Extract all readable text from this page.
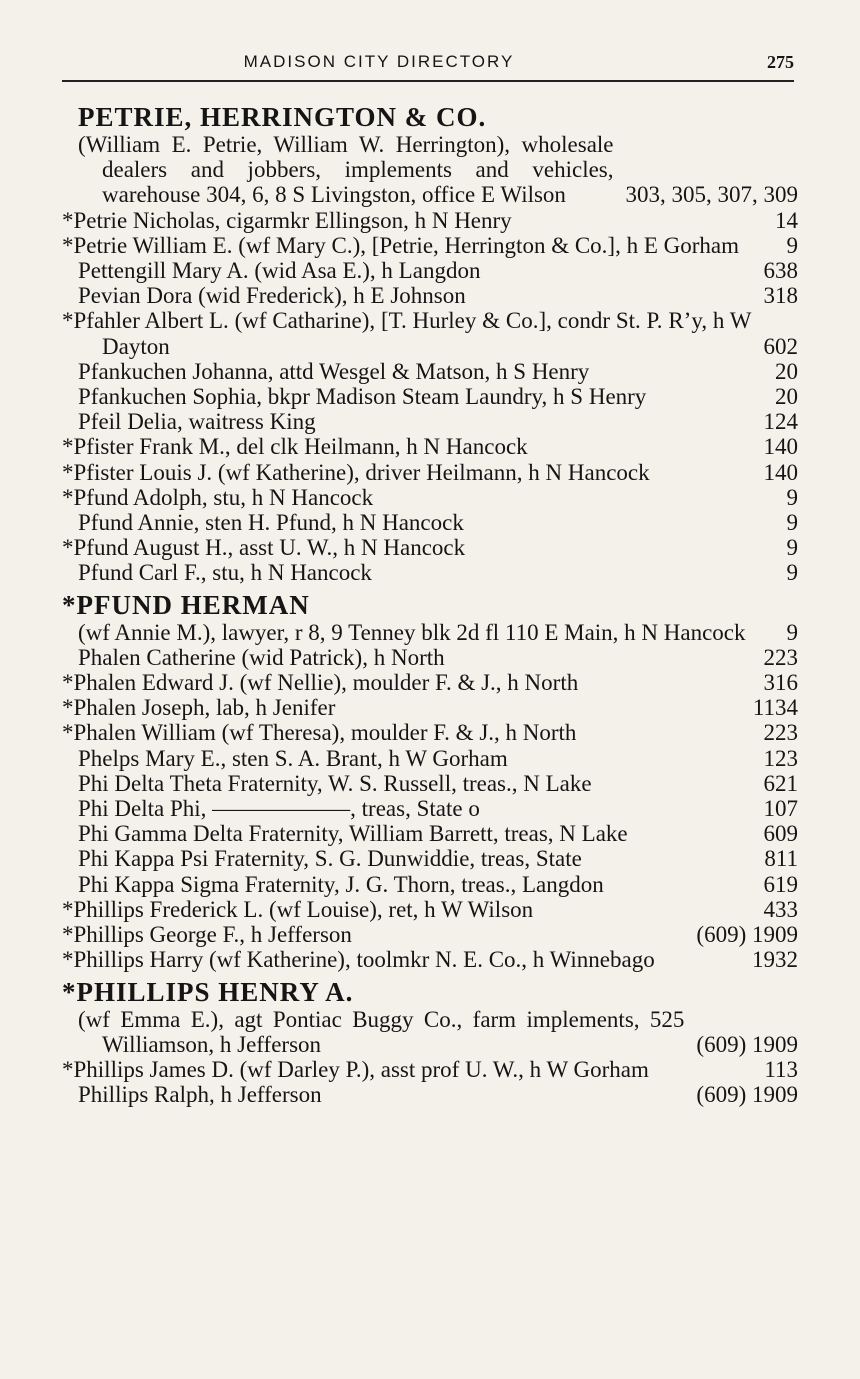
MADISON CITY DIRECTORY	275
PETRIE, HERRINGTON & CO.
(William E. Petrie, William W. Herrington), wholesale dealers and jobbers, implements and vehicles, warehouse 304, 6, 8 S Livingston, office E Wilson	303, 305, 307, 309
*Petrie Nicholas, cigarmkr Ellingson, h N Henry	14
*Petrie William E. (wf Mary C.), [Petrie, Herrington & Co.], h E Gorham	9
Pettengill Mary A. (wid Asa E.), h Langdon	638
Pevian Dora (wid Frederick), h E Johnson	318
*Pfahler Albert L. (wf Catharine), [T. Hurley & Co.], condr St. P. R’y, h W Dayton	602
Pfankuchen Johanna, attd Wesgel & Matson, h S Henry	20
Pfankuchen Sophia, bkpr Madison Steam Laundry, h S Henry	20
Pfeil Delia, waitress King	124
*Pfister Frank M., del clk Heilmann, h N Hancock	140
*Pfister Louis J. (wf Katherine), driver Heilmann, h N Hancock	140
*Pfund Adolph, stu, h N Hancock	9
Pfund Annie, sten H. Pfund, h N Hancock	9
*Pfund August H., asst U. W., h N Hancock	9
Pfund Carl F., stu, h N Hancock	9
*PFUND HERMAN
(wf Annie M.), lawyer, r 8, 9 Tenney blk 2d fl 110 E Main, h N Hancock	9
Phalen Catherine (wid Patrick), h North	223
*Phalen Edward J. (wf Nellie), moulder F. & J., h North	316
*Phalen Joseph, lab, h Jenifer	1134
*Phalen William (wf Theresa), moulder F. & J., h North	223
Phelps Mary E., sten S. A. Brant, h W Gorham	123
Phi Delta Theta Fraternity, W. S. Russell, treas., N Lake	621
Phi Delta Phi, ——————, treas, State o	107
Phi Gamma Delta Fraternity, William Barrett, treas, N Lake	609
Phi Kappa Psi Fraternity, S. G. Dunwiddie, treas, State	811
Phi Kappa Sigma Fraternity, J. G. Thorn, treas., Langdon	619
*Phillips Frederick L. (wf Louise), ret, h W Wilson	433
*Phillips George F., h Jefferson	(609) 1909
*Phillips Harry (wf Katherine), toolmkr N. E. Co., h Winnebago	1932
*PHILLIPS HENRY A.
(wf Emma E.), agt Pontiac Buggy Co., farm implements, 525 Williamson, h Jefferson	(609) 1909
*Phillips James D. (wf Darley P.), asst prof U. W., h W Gorham	113
Phillips Ralph, h Jefferson	(609) 1909
